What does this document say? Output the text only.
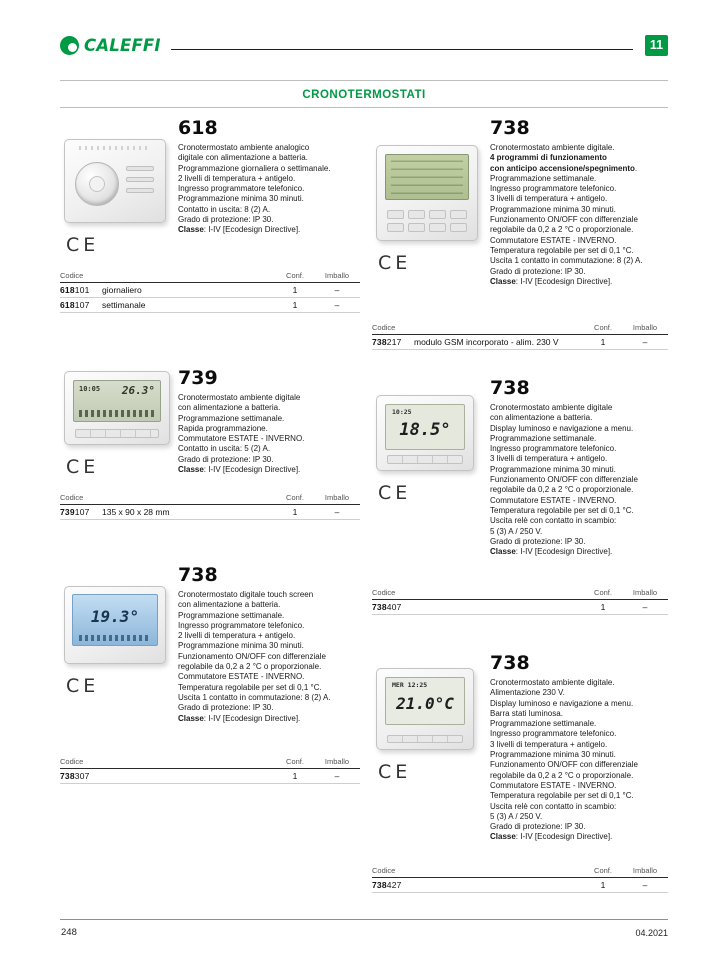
CALEFFI	11
CRONOTERMOSTATI
CE
618
Cronotermostato ambiente analogico
digitale con alimentazione a batteria.
Programmazione giornaliera o settimanale.
2 livelli di temperatura + antigelo.
Ingresso programmatore telefonico.
Programmazione minima 30 minuti.
Contatto in uscita: 8 (2) A.
Grado di protezione: IP 30.
Classe: I-IV [Ecodesign Directive].
Codice	Conf.	Imballo
618101	giornaliero	1	–
618107	settimanale	1	–
10:05 26.3°
CE
739
Cronotermostato ambiente digitale
con alimentazione a batteria.
Programmazione settimanale.
Rapida programmazione.
Commutatore ESTATE - INVERNO.
Contatto in uscita: 5 (2) A.
Grado di protezione: IP 30.
Classe: I-IV [Ecodesign Directive].
Codice	Conf.	Imballo
739107	135 x 90 x 28 mm	1	–
19.3°
CE
738
Cronotermostato digitale touch screen
con alimentazione a batteria.
Programmazione settimanale.
Ingresso programmatore telefonico.
2 livelli di temperatura + antigelo.
Programmazione minima 30 minuti.
Funzionamento ON/OFF con differenziale
regolabile da 0,2 a 2 °C o proporzionale.
Commutatore ESTATE - INVERNO.
Temperatura regolabile per set di 0,1 °C.
Uscita 1 contatto in commutazione: 8 (2) A.
Grado di protezione: IP 30.
Classe: I-IV [Ecodesign Directive].
Codice	Conf.	Imballo
738307	1	–
CE
738
Cronotermostato ambiente digitale.
4 programmi di funzionamento
con anticipo accensione/spegnimento.
Programmazione settimanale.
Ingresso programmatore telefonico.
3 livelli di temperatura + antigelo.
Programmazione minima 30 minuti.
Funzionamento ON/OFF con differenziale
regolabile da 0,2 a 2 °C o proporzionale.
Commutatore ESTATE - INVERNO.
Temperatura regolabile per set di 0,1 °C.
Uscita 1 contatto in commutazione: 8 (2) A.
Grado di protezione: IP 30.
Classe: I-IV [Ecodesign Directive].
Codice	Conf.	Imballo
738217	modulo GSM incorporato - alim. 230 V	1	–
10:25
18.5°
CE
738
Cronotermostato ambiente digitale
con alimentazione a batteria.
Display luminoso e navigazione a menu.
Programmazione settimanale.
Ingresso programmatore telefonico.
3 livelli di temperatura + antigelo.
Programmazione minima 30 minuti.
Funzionamento ON/OFF con differenziale
regolabile da 0,2 a 2 °C o proporzionale.
Commutatore ESTATE - INVERNO.
Temperatura regolabile per set di 0,1 °C.
Uscita relè con contatto in scambio:
5 (3) A / 250 V.
Grado di protezione: IP 30.
Classe: I-IV [Ecodesign Directive].
Codice	Conf.	Imballo
738407	1	–
MER 12:25
21.0°C
CE
738
Cronotermostato ambiente digitale.
Alimentazione 230 V.
Display luminoso e navigazione a menu.
Barra stati luminosa.
Programmazione settimanale.
Ingresso programmatore telefonico.
3 livelli di temperatura + antigelo.
Programmazione minima 30 minuti.
Funzionamento ON/OFF con differenziale
regolabile da 0,2 a 2 °C o proporzionale.
Commutatore ESTATE - INVERNO.
Temperatura regolabile per set di 0,1 °C.
Uscita relè con contatto in scambio:
5 (3) A / 250 V.
Grado di protezione: IP 30.
Classe: I-IV [Ecodesign Directive].
Codice	Conf.	Imballo
738427	1	–
248	04.2021
